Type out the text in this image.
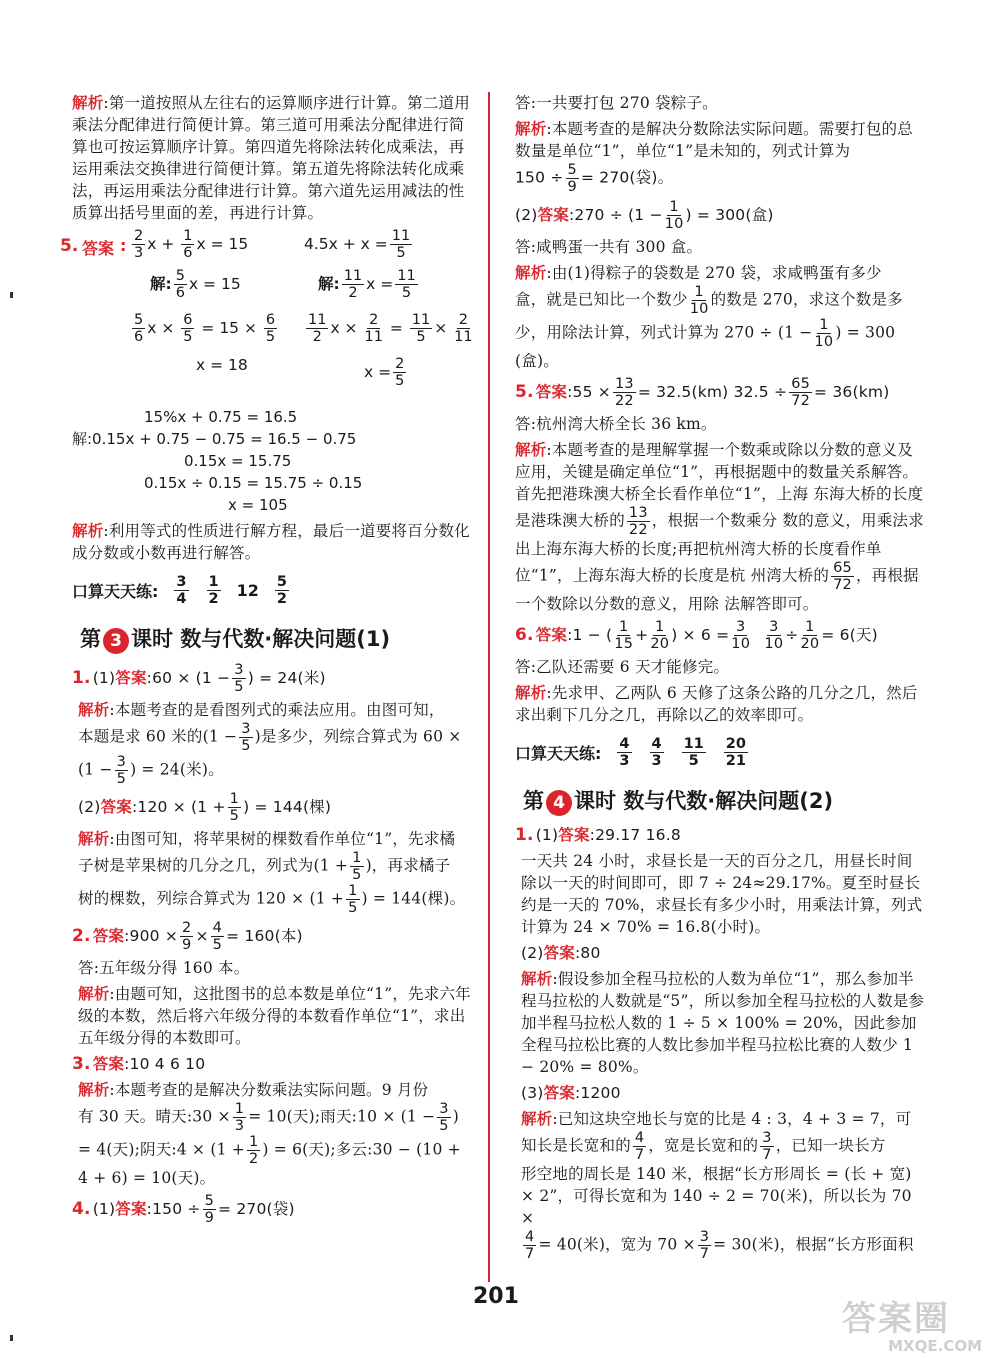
解析:第一道按照从左往右的运算顺序进行计算。第二道用乘法分配律进行简便计算。第三道可用乘法分配律进行简算也可按运算顺序计算。第四道先将除法转化成乘法，再运用乘法交换律进行简便计算。第五道先将除法转化成乘法，再运用乘法分配律进行计算。第六道先运用减法的性质算出括号里面的差，再进行计算。

5. 答案 : $\frac{2}{3}$ $x + \frac{1}{6}$ x = 15
解: $\frac{5}{6}$ x = 15
$\frac{5}{6}$ $x \times \frac{6}{5} = 15 \times \frac{6}{5}$
x = 18
$4.5x + x = \frac{11}{5}$
解: $\frac{11}{2}$ $x = \frac{11}{5}$
$\frac{11}{2}$ $x \times \frac{2}{11} = \frac{11}{5} \times \frac{2}{11}$
$x = \frac{2}{5}$
15%x + 0.75 = 16.5
解:0.15x + 0.75 − 0.75 = 16.5 − 0.75
0.15x = 15.75
0.15x ÷ 0.15 = 15.75 ÷ 0.15
x = 105

解析:利用等式的性质进行解方程，最后一道要将百分数化成分数或小数再进行解答。

口算天天练: 3
4
1
2 12 5
2
第 3 课时 数与代数·解决问题(1)

1. (1)答案:60 × ($1 - \frac{3}{5}$ ) = 24(米)

解析:本题考查的是看图列式的乘法应用。由图可知，
本题是求 60 米的($1 - \frac{3}{5}$ )是多少，列综合算式为 60 ×
($1 - \frac{3}{5}$ ) = 24(米)。

(2)答案:120 × ($1 + \frac{1}{5}$ ) = 144(棵)

解析:由图可知，将苹果树的棵数看作单位“1”，先求橘
子树是苹果树的几分之几，列式为($1 + \frac{1}{5}$ )，再求橘子
树的棵数，列综合算式为 $120 \times (1 + \frac{1}{5}$ ) = 144(棵)。

2. 答案:900 × $\frac{2}{9} \times \frac{4}{5} = 160$(本)

答:五年级分得 160 本。

解析:由题可知，这批图书的总本数是单位“1”，先求六年级的本数，然后将六年级分得的本数看作单位“1”，求出五年级分得的本数即可。

3. 答案:10 4 6 10

解析:本题考查的是解决分数乘法实际问题。9 月份
有 30 天。晴天:30 × $\frac{1}{3} = 10$(天);雨天:10 × ($1 - \frac{3}{5}$ )
= 4(天);阴天:4 × ($1 + \frac{1}{2}$ ) = 6(天);多云:30 − (10 +
4 + 6) = 10(天)。

4. (1)答案:150 ÷ $\frac{5}{9} = 270$(袋)

答:一共要打包 270 袋粽子。

解析:本题考查的是解决分数除法实际问题。需要打包的总数量是单位“1”，单位“1”是未知的，列式计算为
$150 \div \frac{5}{9} = 270$(袋)。

(2)答案:270 ÷ ($1 - \frac{1}{10}$ ) = 300(盒)

答:咸鸭蛋一共有 300 盒。

解析:由(1)得粽子的袋数是 270 袋，求咸鸭蛋有多少
盒，就是已知比一个数少 $\frac{1}{10}$ 的数是 270，求这个数是多
少，用除法计算，列式计算为 $270 \div (1 - \frac{1}{10}$ ) = 300
(盒)。

5. 答案:55 × $\frac{13}{22} = 32.5(km) 32.5 \div \frac{65}{72} = 36(km)$

答:杭州湾大桥全长 36 km。

解析:本题考查的是理解掌握一个数乘或除以分数的意义及应用，关键是确定单位“1”，再根据题中的数量关系解答。首先把港珠澳大桥全长看作单位“1”，上海 东海大桥的长度是港珠澳大桥的 $\frac{13}{22}$ ，根据一个数乘分 数的意义，用乘法求出上海东海大桥的长度;再把杭州湾大桥的长度看作单位“1”，上海东海大桥的长度是杭 州湾大桥的 $\frac{65}{72}$ ，再根据一个数除以分数的意义，用除 法解答即可。

6. 答案:1 − ( $\frac{1}{15} + \frac{1}{20}$ ) × $6 = \frac{3}{10}$
$\frac{3}{10} \div \frac{1}{20} = 6$(天)

答:乙队还需要 6 天才能修完。

解析:先求甲、乙两队 6 天修了这条公路的几分之几，然后求出剩下几分之几，再除以乙的效率即可。

口算天天练: 4
3
4
3
11
5
20
21
第 4 课时 数与代数·解决问题(2)

1. (1)答案:29.17 16.8

一天共 24 小时，求昼长是一天的百分之几，用昼长时间除以一天的时间即可，即 7 ÷ 24≈29.17%。夏至时昼长约是一天的 70%，求昼长有多少小时，用乘法计算，列式计算为 24 × 70% = 16.8(小时)。

(2)答案:80

解析:假设参加全程马拉松的人数为单位“1”，那么参加半程马拉松的人数就是“5”，所以参加全程马拉松的人数是参加半程马拉松人数的 1 ÷ 5 × 100% = 20%，因此参加全程马拉松比赛的人数比参加半程马拉松比赛的人数少 1 − 20% = 80%。

(3)答案:1200

解析:已知这块空地长与宽的比是 4 : 3，4 + 3 = 7，可
知长是长宽和的 $\frac{4}{7}$ ，宽是长宽和的 $\frac{3}{7}$ ，已知一块长方
形空地的周长是 140 米，根据“长方形周长 = (长 + 宽) × 2”，可得长宽和为 140 ÷ 2 = 70(米)，所以长为 70 ×

$\frac{4}{7} = 40$(米)，宽为 $70 \times \frac{3}{7} = 30$(米)，根据“长方形面积

201
答案圈
MXQE.COM
